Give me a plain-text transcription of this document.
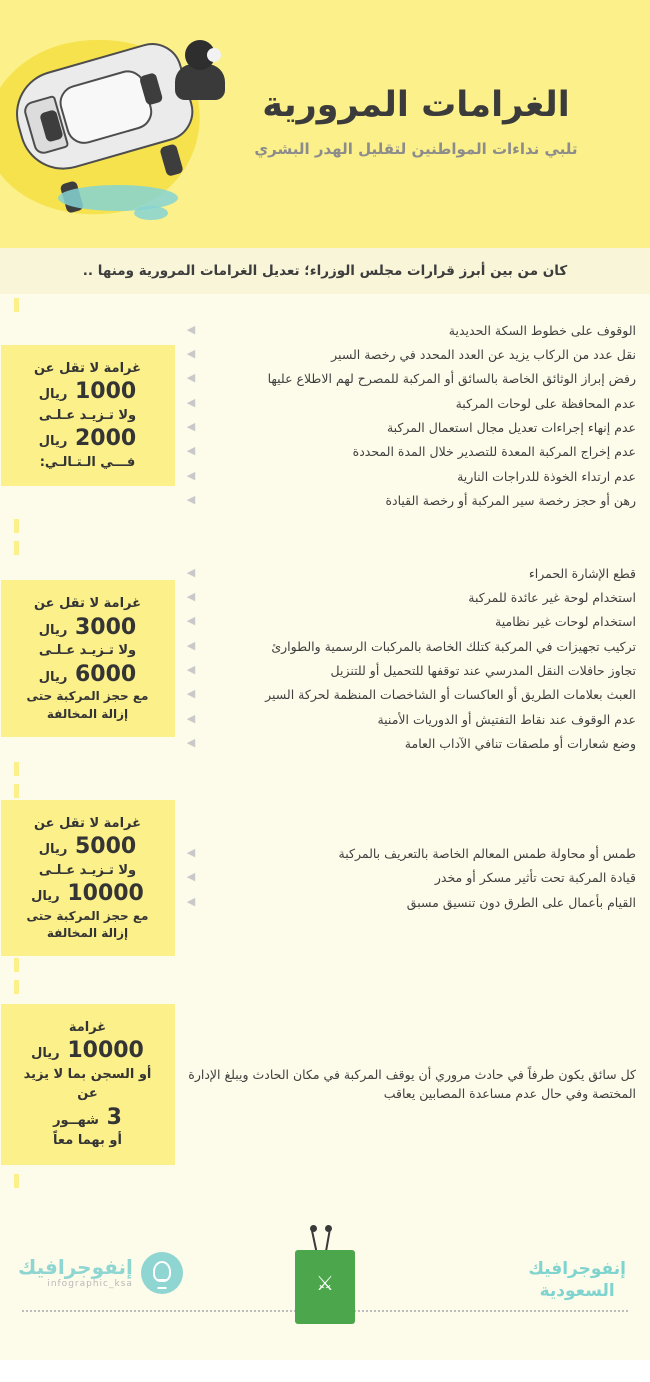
الغرامات المرورية
تلبي نداءات المواطنين لتقليل الهدر البشري
كان من بين أبرز قرارات مجلس الوزراء؛ تعديل الغرامات المرورية ومنها ..
الوقوف على خطوط السكة الحديدية
◀
نقل عدد من الركاب يزيد عن العدد المحدد في رخصة السير
◀
رفض إبراز الوثائق الخاصة بالسائق أو المركبة للمصرح لهم الاطلاع عليها
◀
عدم المحافظة على لوحات المركبة
◀
عدم إنهاء إجراءات تعديل مجال استعمال المركبة
◀
عدم إخراج المركبة المعدة للتصدير خلال المدة المحددة
◀
عدم ارتداء الخوذة للدراجات النارية
◀
رهن أو حجز رخصة سير المركبة أو رخصة القيادة
◀
غرامة لا تقل عن
1000 ريال
ولا تـزيـد عـلـى
2000 ريال
فـــي الـتـالـي:
قطع الإشارة الحمراء
◀
استخدام لوحة غير عائدة للمركبة
◀
استخدام لوحات غير نظامية
◀
تركيب تجهيزات في المركبة كتلك الخاصة بالمركبات الرسمية والطوارئ
◀
تجاوز حافلات النقل المدرسي عند توقفها للتحميل أو للتنزيل
◀
العبث بعلامات الطريق أو العاكسات أو الشاخصات المنظمة لحركة السير
◀
عدم الوقوف عند نقاط التفتيش أو الدوريات الأمنية
◀
وضع شعارات أو ملصقات تنافي الآداب العامة
◀
غرامة لا تقل عن
3000 ريال
ولا تـزيـد عـلـى
6000 ريال
مع حجز المركبة حتى إزالة المخالفة
طمس أو محاولة طمس المعالم الخاصة بالتعريف بالمركبة
◀
قيادة المركبة تحت تأثير مسكر أو مخدر
◀
القيام بأعمال على الطرق دون تنسيق مسبق
◀
غرامة لا تقل عن
5000 ريال
ولا تـزيـد عـلـى
10000 ريال
مع حجز المركبة حتى إزالة المخالفة
كل سائق يكون طرفاً في حادث مروري أن يوقف المركبة في مكان الحادث ويبلغ الإدارة المختصة وفي حال عدم مساعدة المصابين يعاقب
غرامة
10000 ريال
أو السجن بما لا يزيد عن
3 شهــور
أو بهما معاً
⚔
إنفوجرافيك
السعودية
إنفوجرافيك
infographic_ksa
